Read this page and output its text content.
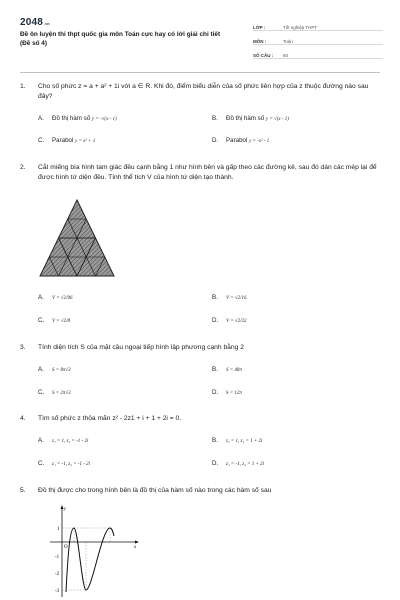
2048.vn
Đề ôn luyện thi thpt quốc gia môn Toán cực hay có lời giải chi tiết (Đề số 4)
LỚP :	Tốt nghiệp THPT
MÔN :	Toán
SỐ CÂU :	50
1.	Cho số phức z = a + a² + 1i với a ∈ R. Khi đó, điểm biểu diễn của số phức liên hợp của z thuộc đường nào sau đây?
A. Đồ thị hàm số y = -√(x - 1)	B. Đồ thị hàm số y = √(x - 1)
C. Parabol y = x² + 1	D. Parabol y = -x² - 1
2.	Cắt miếng bìa hình tam giác đều cạnh bằng 1 như hình bên và gấp theo các đường kẻ, sau đó dán các mép lại để được hình tứ diện đều. Tính thể tích V của hình tứ diện tạo thành.
A. V = √2/96	B. V = √2/16
C. V = √2/8	D. V = √2/32
3.	Tính diện tích S của mặt cầu ngoại tiếp hình lập phương cạnh bằng 2
A. S = 8π√3	B. S = 48π
C. S = 2π√3	D. S = 12π
4.	Tìm số phức z thỏa mãn z² - 2z1 + i + 1 + 2i = 0.
A. z₁ = 1, z₂ = -1 - 2i	B. z₁ = 1, z₂ = 1 + 2i
C. z₁ = -1, z₂ = -1 - 2i	D. z₁ = -1, z₂ = 1 + 2i
5.	Đồ thị được cho trong hình bên là đồ thị của hàm số nào trong các hàm số sau
y
x
O
1
-1
-2
-3
